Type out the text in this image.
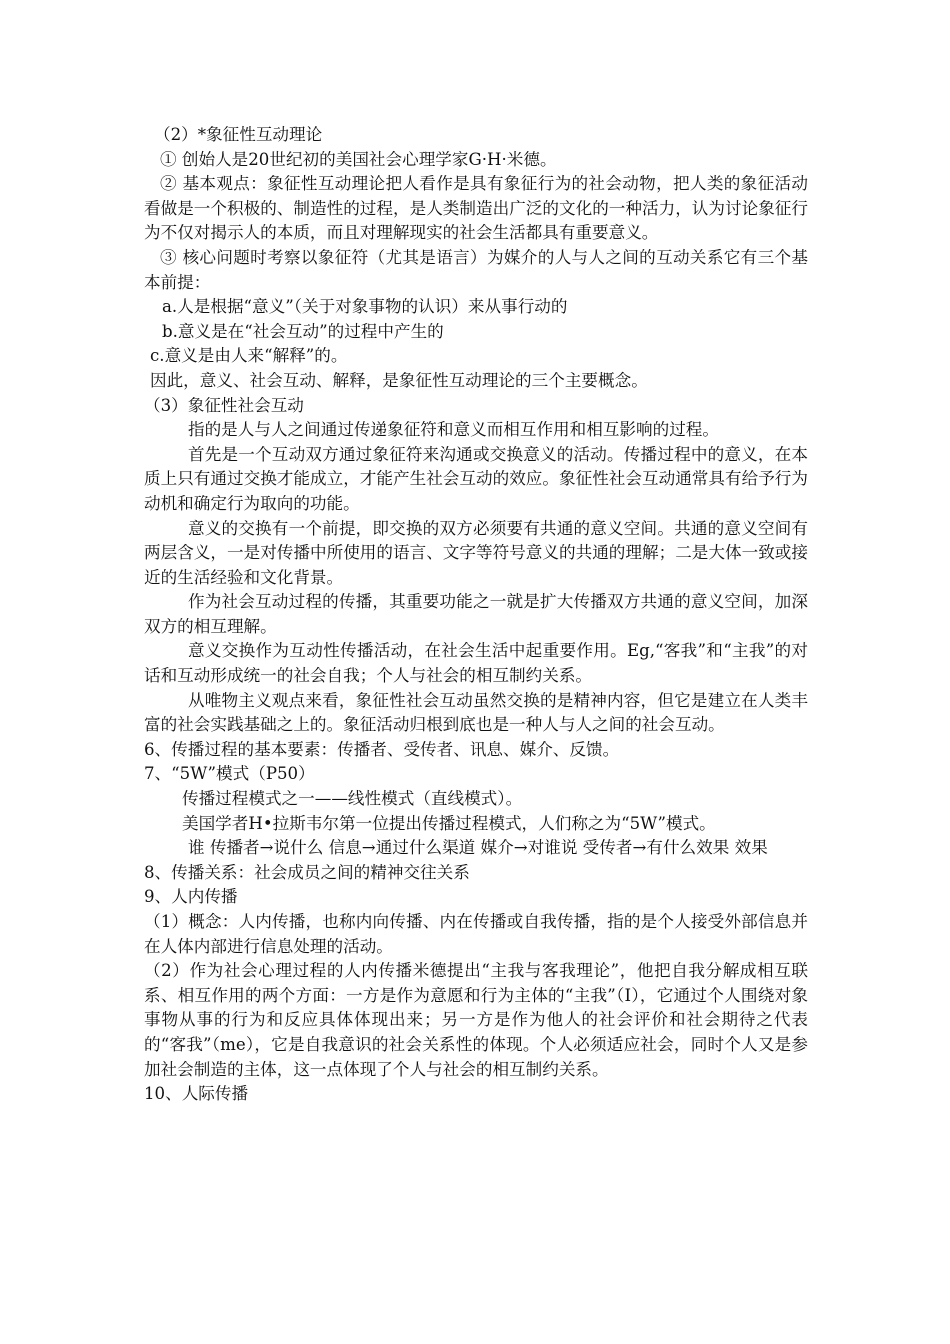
（2）*象征性互动理论

① 创始人是20世纪初的美国社会心理学家G·H·米德。

② 基本观点：象征性互动理论把人看作是具有象征行为的社会动物，把人类的象征活动看做是一个积极的、制造性的过程，是人类制造出广泛的文化的一种活力，认为讨论象征行为不仅对揭示人的本质，而且对理解现实的社会生活都具有重要意义。

③ 核心问题时考察以象征符（尤其是语言）为媒介的人与人之间的互动关系它有三个基本前提：

a.人是根据“意义”（关于对象事物的认识）来从事行动的

b.意义是在“社会互动”的过程中产生的

c.意义是由人来“解释”的。

因此，意义、社会互动、解释，是象征性互动理论的三个主要概念。

（3）象征性社会互动

指的是人与人之间通过传递象征符和意义而相互作用和相互影响的过程。

首先是一个互动双方通过象征符来沟通或交换意义的活动。传播过程中的意义，在本质上只有通过交换才能成立，才能产生社会互动的效应。象征性社会互动通常具有给予行为动机和确定行为取向的功能。

意义的交换有一个前提，即交换的双方必须要有共通的意义空间。共通的意义空间有两层含义，一是对传播中所使用的语言、文字等符号意义的共通的理解；二是大体一致或接近的生活经验和文化背景。

作为社会互动过程的传播，其重要功能之一就是扩大传播双方共通的意义空间，加深双方的相互理解。

意义交换作为互动性传播活动，在社会生活中起重要作用。Eg,“客我”和“主我”的对话和互动形成统一的社会自我；个人与社会的相互制约关系。

从唯物主义观点来看，象征性社会互动虽然交换的是精神内容，但它是建立在人类丰富的社会实践基础之上的。象征活动归根到底也是一种人与人之间的社会互动。

6、传播过程的基本要素：传播者、受传者、讯息、媒介、反馈。

7、“5W”模式（P50）

传播过程模式之一——线性模式（直线模式）。

美国学者H•拉斯韦尔第一位提出传播过程模式，人们称之为“5W”模式。

谁 传播者→说什么 信息→通过什么渠道 媒介→对谁说 受传者→有什么效果 效果

8、传播关系：社会成员之间的精神交往关系

9、人内传播

（1）概念：人内传播，也称内向传播、内在传播或自我传播，指的是个人接受外部信息并在人体内部进行信息处理的活动。

（2）作为社会心理过程的人内传播米德提出“主我与客我理论”，他把自我分解成相互联系、相互作用的两个方面：一方是作为意愿和行为主体的“主我”（I），它通过个人围绕对象事物从事的行为和反应具体体现出来；另一方是作为他人的社会评价和社会期待之代表的“客我”（me），它是自我意识的社会关系性的体现。个人必须适应社会，同时个人又是参加社会制造的主体，这一点体现了个人与社会的相互制约关系。

10、人际传播
